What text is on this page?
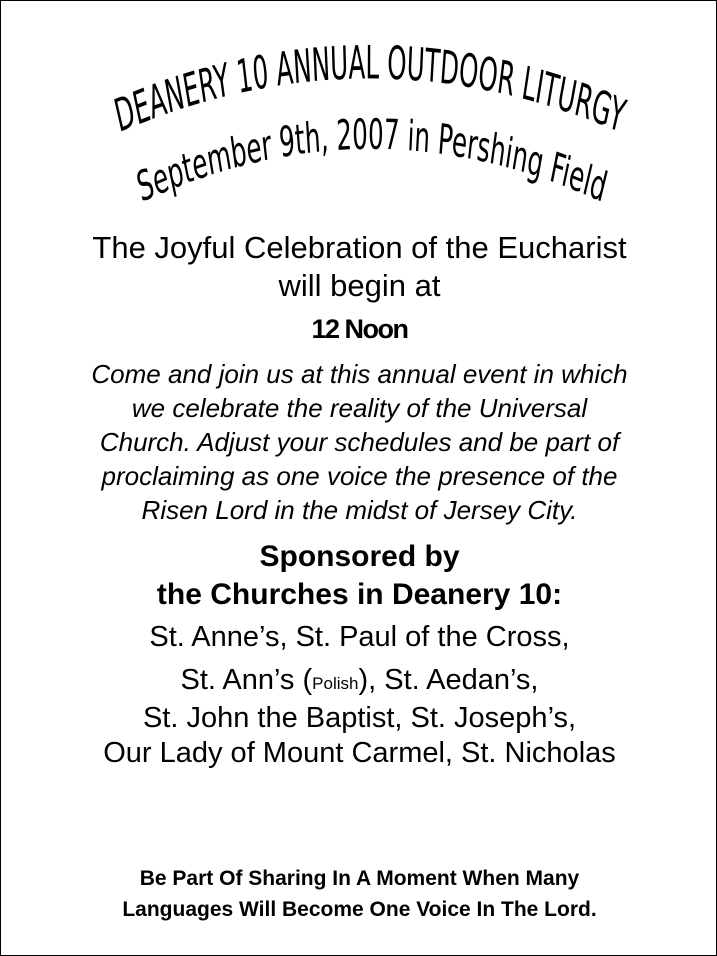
DEANERY 10 ANNUAL OUTDOOR LITURGY
September 9th, 2007 in Pershing Field
The Joyful Celebration of the Eucharist
will begin at
12 Noon
Come and join us at this annual event in which
we celebrate the reality of the Universal
Church. Adjust your schedules and be part of
proclaiming as one voice the presence of the
Risen Lord in the midst of Jersey City.
Sponsored by
the Churches in Deanery 10:
St. Anne’s, St. Paul of the Cross,
St. Ann’s (Polish), St. Aedan’s,
St. John the Baptist, St. Joseph’s,
Our Lady of Mount Carmel, St. Nicholas
Be Part Of Sharing In A Moment When Many
Languages Will Become One Voice In The Lord.
